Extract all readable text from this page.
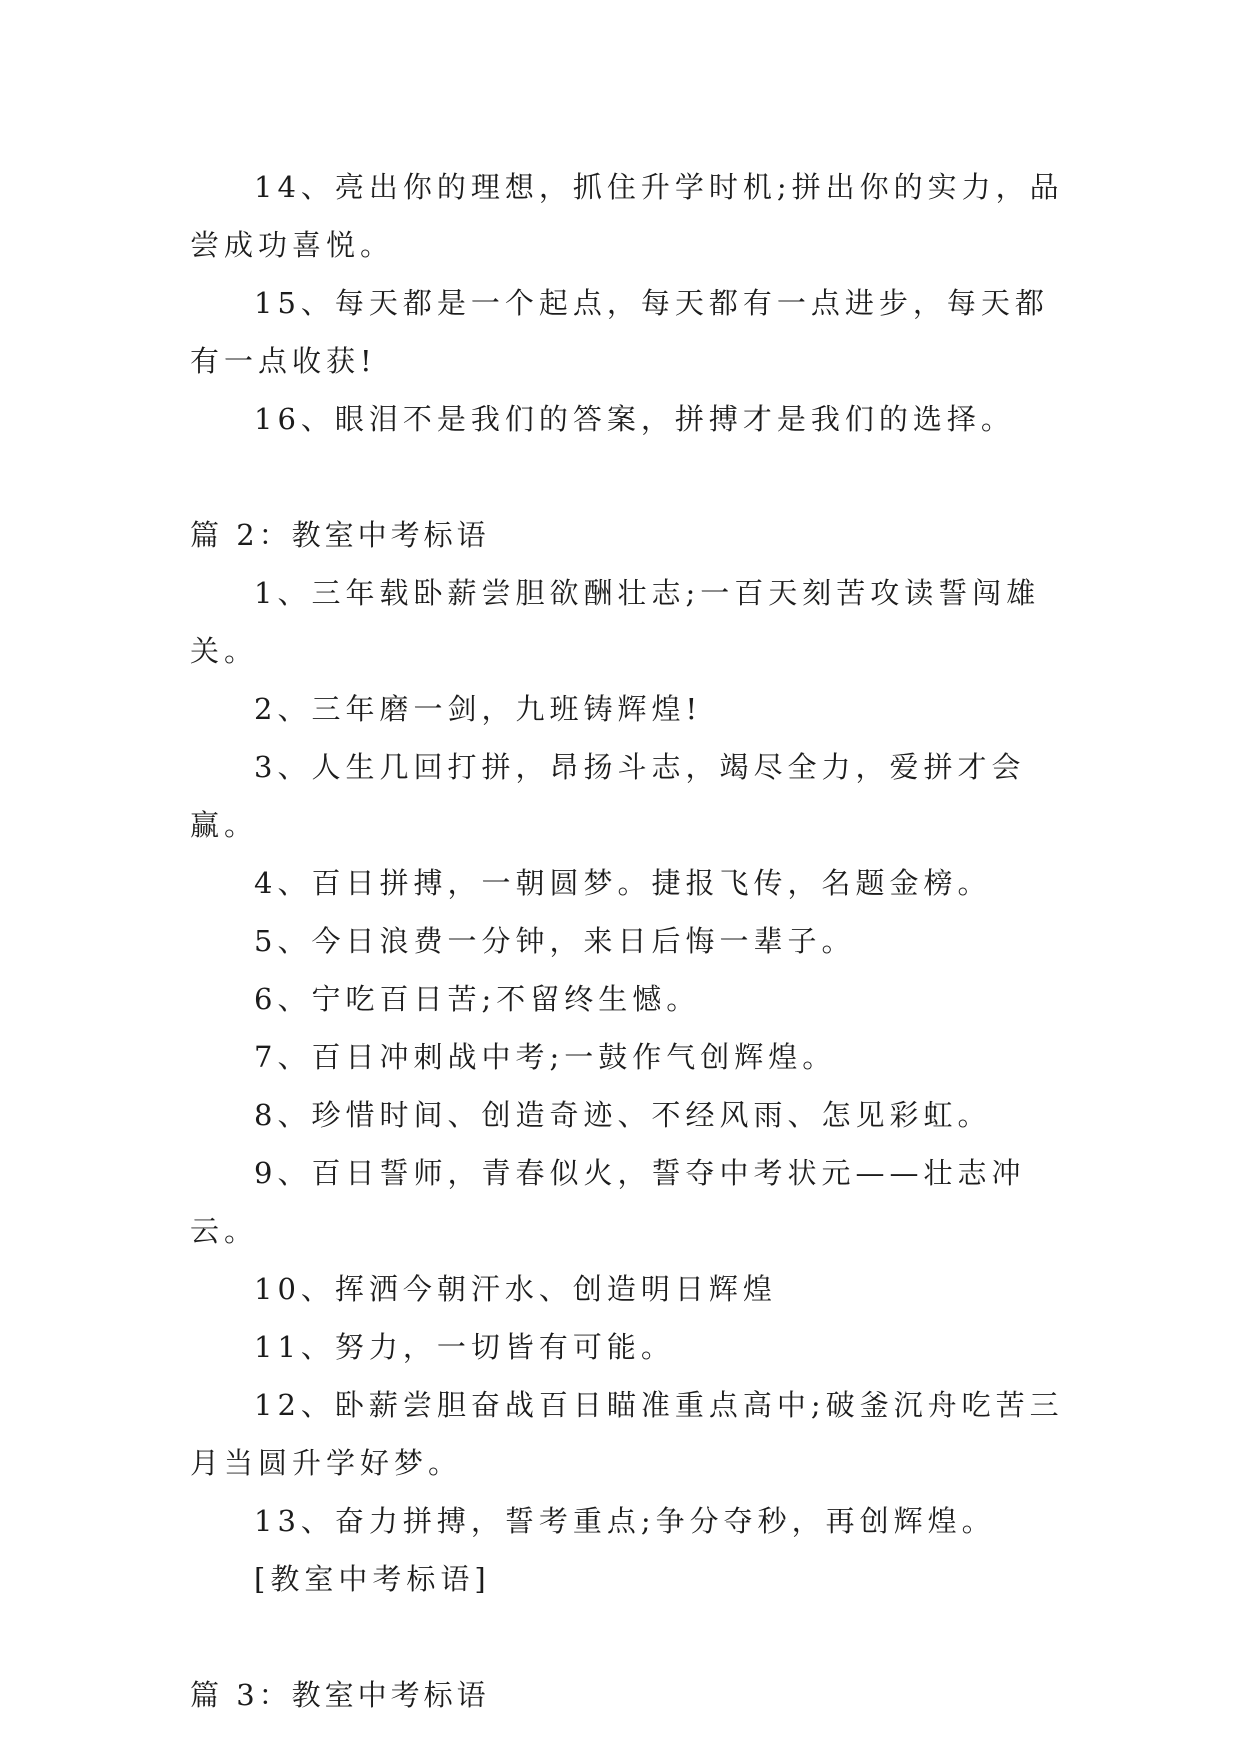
14、亮出你的理想，抓住升学时机;拼出你的实力，品尝成功喜悦。

15、每天都是一个起点，每天都有一点进步，每天都有一点收获!

16、眼泪不是我们的答案，拼搏才是我们的选择。

篇 2：教室中考标语

1、三年载卧薪尝胆欲酬壮志;一百天刻苦攻读誓闯雄关。

2、三年磨一剑，九班铸辉煌!

3、人生几回打拼，昂扬斗志，竭尽全力，爱拼才会赢。

4、百日拼搏，一朝圆梦。捷报飞传，名题金榜。

5、今日浪费一分钟，来日后悔一辈子。

6、宁吃百日苦;不留终生憾。

7、百日冲刺战中考;一鼓作气创辉煌。

8、珍惜时间、创造奇迹、不经风雨、怎见彩虹。

9、百日誓师，青春似火，誓夺中考状元——壮志冲云。

10、挥洒今朝汗水、创造明日辉煌

11、努力，一切皆有可能。

12、卧薪尝胆奋战百日瞄准重点高中;破釜沉舟吃苦三月当圆升学好梦。

13、奋力拼搏，誓考重点;争分夺秒，再创辉煌。

[教室中考标语]

篇 3：教室中考标语
